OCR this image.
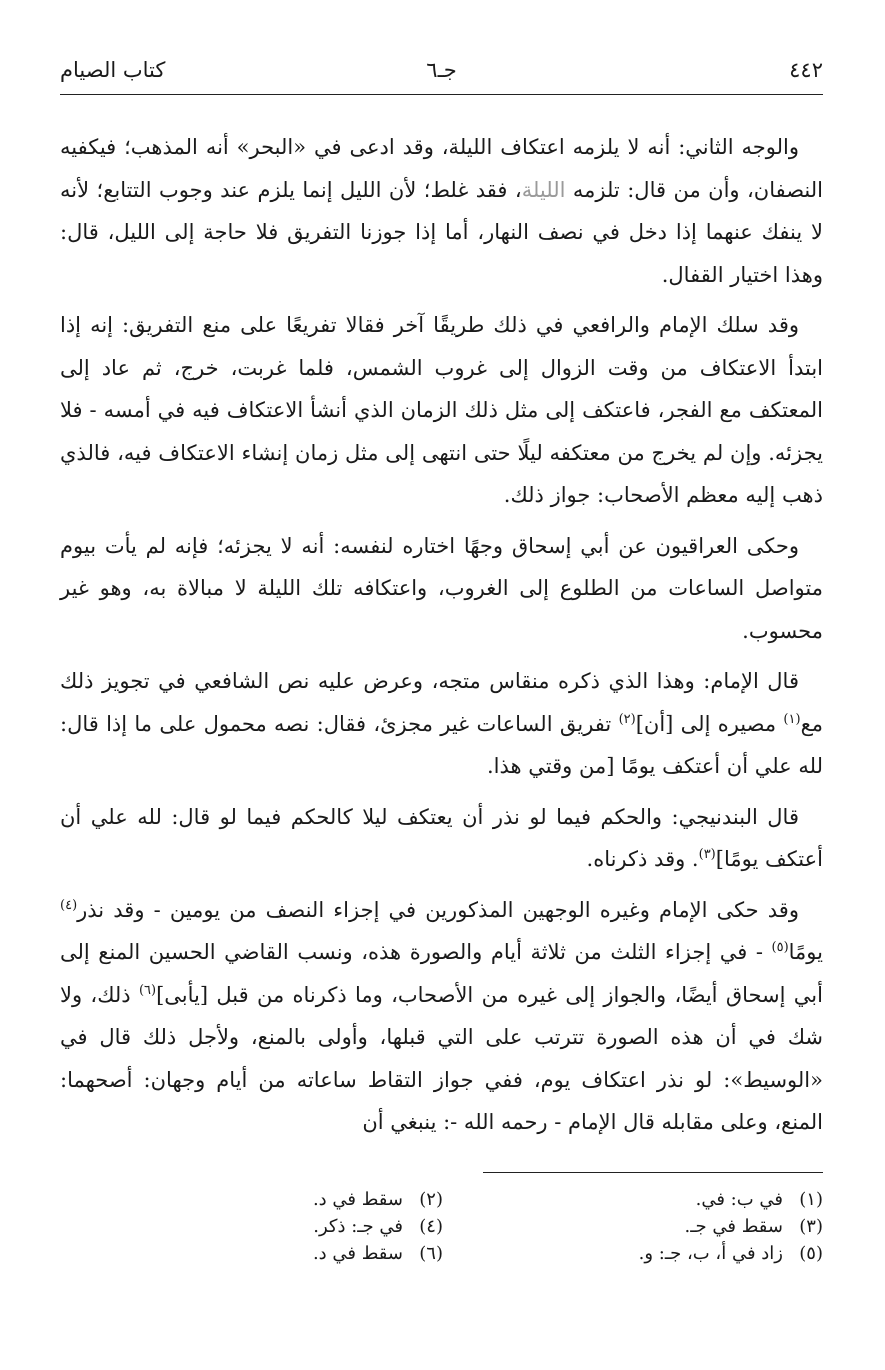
٤٤٢
جـ٦
كتاب الصيام

والوجه الثاني: أنه لا يلزمه اعتكاف الليلة، وقد ادعى في «البحر» أنه المذهب؛ فيكفيه النصفان، وأن من قال: تلزمه الليلة، فقد غلط؛ لأن الليل إنما يلزم عند وجوب التتابع؛ لأنه لا ينفك عنهما إذا دخل في نصف النهار، أما إذا جوزنا التفريق فلا حاجة إلى الليل، قال: وهذا اختيار القفال.

وقد سلك الإمام والرافعي في ذلك طريقًا آخر فقالا تفريعًا على منع التفريق: إنه إذا ابتدأ الاعتكاف من وقت الزوال إلى غروب الشمس، فلما غربت، خرج، ثم عاد إلى المعتكف مع الفجر، فاعتكف إلى مثل ذلك الزمان الذي أنشأ الاعتكاف فيه في أمسه - فلا يجزئه. وإن لم يخرج من معتكفه ليلًا حتى انتهى إلى مثل زمان إنشاء الاعتكاف فيه، فالذي ذهب إليه معظم الأصحاب: جواز ذلك.

وحكى العراقيون عن أبي إسحاق وجهًا اختاره لنفسه: أنه لا يجزئه؛ فإنه لم يأت بيوم متواصل الساعات من الطلوع إلى الغروب، واعتكافه تلك الليلة لا مبالاة به، وهو غير محسوب.

قال الإمام: وهذا الذي ذكره منقاس متجه، وعرض عليه نص الشافعي في تجويز ذلك مع$^{(١)}$ مصيره إلى [أن]$^{(٢)}$ تفريق الساعات غير مجزئ، فقال: نصه محمول على ما إذا قال: لله علي أن أعتكف يومًا [من وقتي هذا.

قال البندنيجي: والحكم فيما لو نذر أن يعتكف ليلا كالحكم فيما لو قال: لله علي أن أعتكف يومًا]$^{(٣)}$. وقد ذكرناه.

وقد حكى الإمام وغيره الوجهين المذكورين في إجزاء النصف من يومين - وقد نذر$^{(٤)}$ يومًا$^{(٥)}$ - في إجزاء الثلث من ثلاثة أيام والصورة هذه، ونسب القاضي الحسين المنع إلى أبي إسحاق أيضًا، والجواز إلى غيره من الأصحاب، وما ذكرناه من قبل [يأبى]$^{(٦)}$ ذلك، ولا شك في أن هذه الصورة تترتب على التي قبلها، وأولى بالمنع، ولأجل ذلك قال في «الوسيط»: لو نذر اعتكاف يوم، ففي جواز التقاط ساعاته من أيام وجهان: أصحهما: المنع، وعلى مقابله قال الإمام - رحمه الله -: ينبغي أن

(١)
في ب: في.
(٢)
سقط في د.
(٣)
سقط في جـ.
(٤)
في جـ: ذكر.
(٥)
زاد في أ، ب، جـ: و.
(٦)
سقط في د.
